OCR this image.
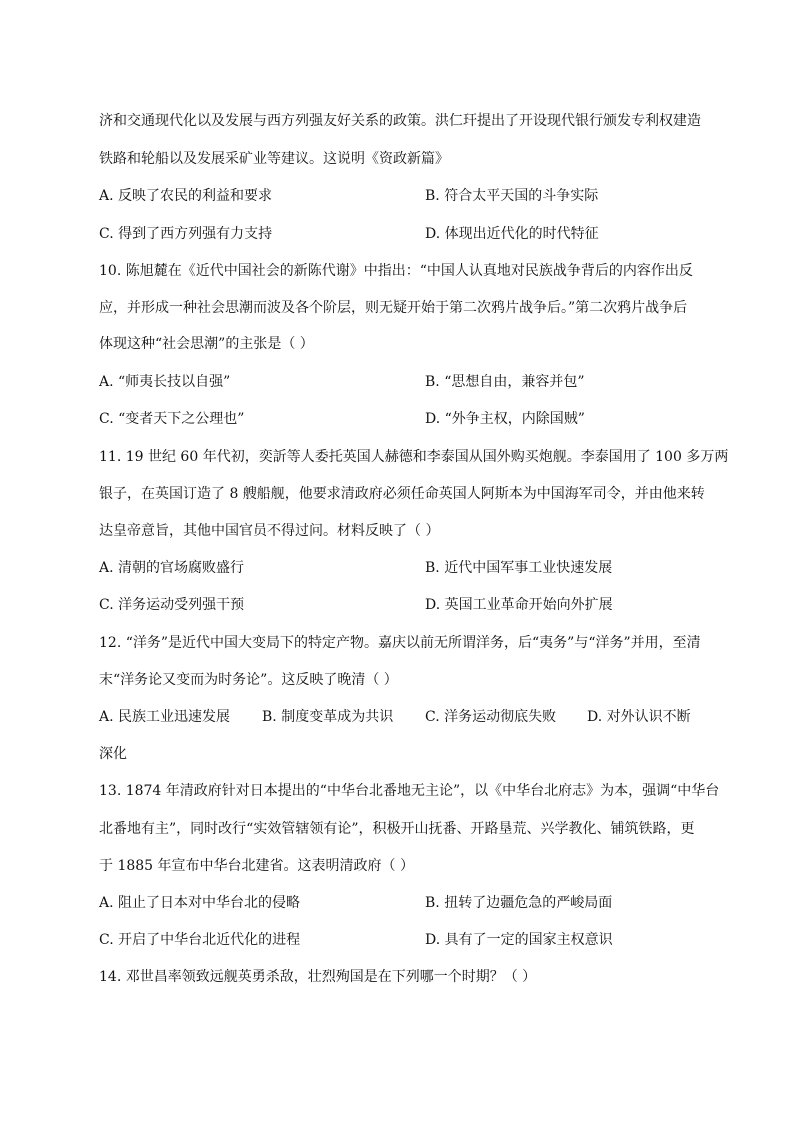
济和交通现代化以及发展与西方列强友好关系的政策。洪仁玕提出了开设现代银行颁发专利权建造
铁路和轮船以及发展采矿业等建议。这说明《资政新篇》
A. 反映了农民的利益和要求	B. 符合太平天国的斗争实际
C. 得到了西方列强有力支持	D. 体现出近代化的时代特征
10. 陈旭麓在《近代中国社会的新陈代谢》中指出：“中国人认真地对民族战争背后的内容作出反
应，并形成一种社会思潮而波及各个阶层，则无疑开始于第二次鸦片战争后。”第二次鸦片战争后
体现这种“社会思潮”的主张是（ ）
A. “师夷长技以自强”	B. “思想自由，兼容并包”
C. “变者天下之公理也”	D. “外争主权，内除国贼”
11. 19 世纪 60 年代初，奕訢等人委托英国人赫德和李泰国从国外购买炮舰。李泰国用了 100 多万两
银子，在英国订造了 8 艘船舰，他要求清政府必须任命英国人阿斯本为中国海军司令，并由他来转
达皇帝意旨，其他中国官员不得过问。材料反映了（ ）
A. 清朝的官场腐败盛行	B. 近代中国军事工业快速发展
C. 洋务运动受列强干预	D. 英国工业革命开始向外扩展
12. “洋务”是近代中国大变局下的特定产物。嘉庆以前无所谓洋务，后“夷务”与“洋务”并用，至清
末“洋务论又变而为时务论”。这反映了晚清（ ）
A. 民族工业迅速发展 B. 制度变革成为共识 C. 洋务运动彻底失败 D. 对外认识不断
深化
13. 1874 年清政府针对日本提出的“中华台北番地无主论”，以《中华台北府志》为本，强调“中华台
北番地有主”，同时改行“实效管辖领有论”，积极开山抚番、开路垦荒、兴学教化、铺筑铁路，更
于 1885 年宣布中华台北建省。这表明清政府（ ）
A. 阻止了日本对中华台北的侵略	B. 扭转了边疆危急的严峻局面
C. 开启了中华台北近代化的进程	D. 具有了一定的国家主权意识
14. 邓世昌率领致远舰英勇杀敌，壮烈殉国是在下列哪一个时期？（ ）
